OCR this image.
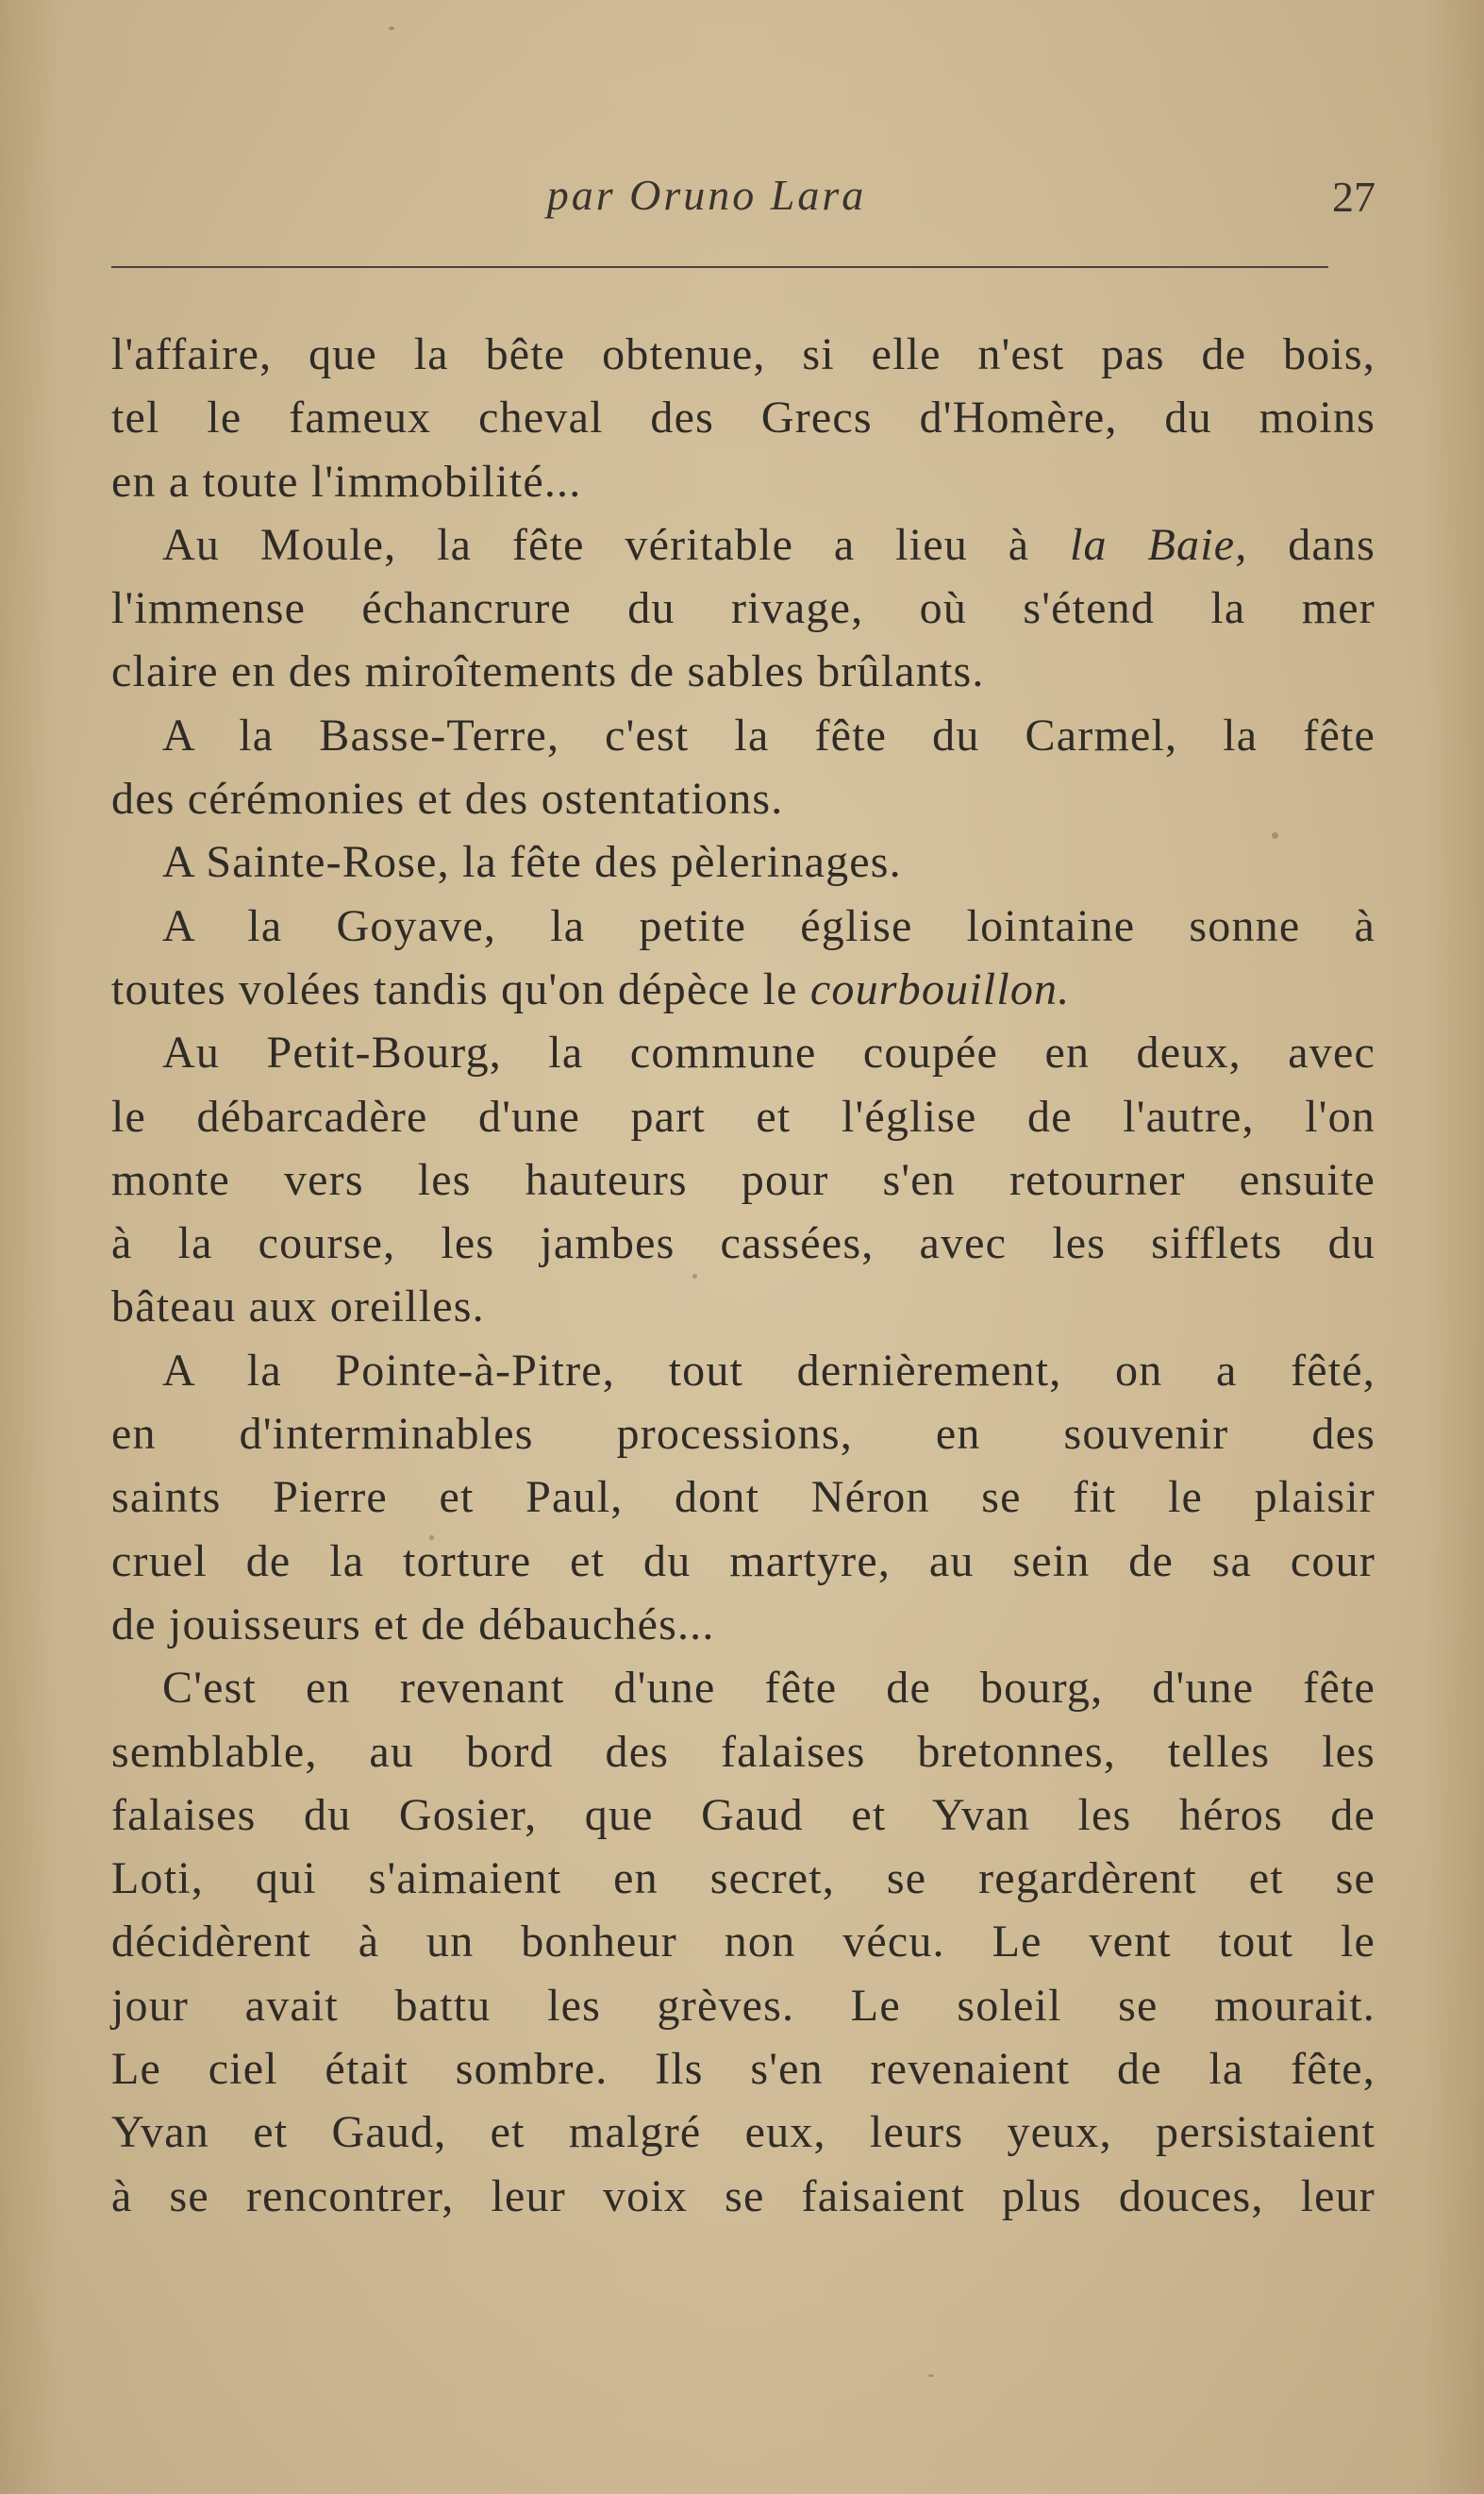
par Oruno Lara	27
l'affaire, que la bête obtenue, si elle n'est pas de bois,
tel le fameux cheval des Grecs d'Homère, du moins
en a toute l'immobilité...
Au Moule, la fête véritable a lieu à la Baie, dans
l'immense échancrure du rivage, où s'étend la mer
claire en des miroîtements de sables brûlants.
A la Basse-Terre, c'est la fête du Carmel, la fête
des cérémonies et des ostentations.
A Sainte-Rose, la fête des pèlerinages.
A la Goyave, la petite église lointaine sonne à
toutes volées tandis qu'on dépèce le courbouillon.
Au Petit-Bourg, la commune coupée en deux, avec
le débarcadère d'une part et l'église de l'autre, l'on
monte vers les hauteurs pour s'en retourner ensuite
à la course, les jambes cassées, avec les sifflets du
bâteau aux oreilles.
A la Pointe-à-Pitre, tout dernièrement, on a fêté,
en d'interminables processions, en souvenir des
saints Pierre et Paul, dont Néron se fit le plaisir
cruel de la torture et du martyre, au sein de sa cour
de jouisseurs et de débauchés...
C'est en revenant d'une fête de bourg, d'une fête
semblable, au bord des falaises bretonnes, telles les
falaises du Gosier, que Gaud et Yvan les héros de
Loti, qui s'aimaient en secret, se regardèrent et se
décidèrent à un bonheur non vécu. Le vent tout le
jour avait battu les grèves. Le soleil se mourait.
Le ciel était sombre. Ils s'en revenaient de la fête,
Yvan et Gaud, et malgré eux, leurs yeux, persistaient
à se rencontrer, leur voix se faisaient plus douces, leur
